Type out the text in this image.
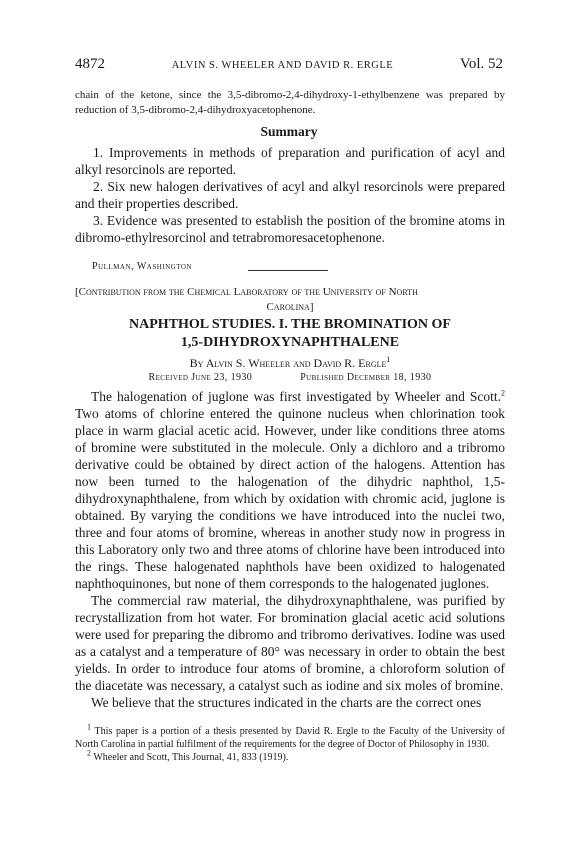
4872	ALVIN S. WHEELER AND DAVID R. ERGLE	Vol. 52
chain of the ketone, since the 3,5-dibromo-2,4-dihydroxy-1-ethylbenzene was prepared by reduction of 3,5-dibromo-2,4-dihydroxyacetophenone.
Summary

1. Improvements in methods of preparation and purification of acyl and alkyl resorcinols are reported.

2. Six new halogen derivatives of acyl and alkyl resorcinols were prepared and their properties described.

3. Evidence was presented to establish the position of the bromine atoms in dibromo-ethylresorcinol and tetrabromoresacetophenone.

Pullman, Washington
[Contribution from the Chemical Laboratory of the University of North
Carolina]
NAPHTHOL STUDIES. I. THE BROMINATION OF
1,5-DIHYDROXYNAPHTHALENE
By Alvin S. Wheeler and David R. Ergle$^1$
Received June 23, 1930	Published December 18, 1930

The halogenation of juglone was first investigated by Wheeler and Scott.$^2$ Two atoms of chlorine entered the quinone nucleus when chlorination took place in warm glacial acetic acid. However, under like conditions three atoms of bromine were substituted in the molecule. Only a dichloro and a tribromo derivative could be obtained by direct action of the halogens. Attention has now been turned to the halogenation of the dihydric naphthol, 1,5-dihydroxynaphthalene, from which by oxidation with chromic acid, juglone is obtained. By varying the conditions we have introduced into the nuclei two, three and four atoms of bromine, whereas in another study now in progress in this Laboratory only two and three atoms of chlorine have been introduced into the rings. These halogenated naphthols have been oxidized to halogenated naphthoquinones, but none of them corresponds to the halogenated juglones.

The commercial raw material, the dihydroxynaphthalene, was purified by recrystallization from hot water. For bromination glacial acetic acid solutions were used for preparing the dibromo and tribromo derivatives. Iodine was used as a catalyst and a temperature of 80° was necessary in order to obtain the best yields. In order to introduce four atoms of bromine, a chloroform solution of the diacetate was necessary, a catalyst such as iodine and six moles of bromine.

We believe that the structures indicated in the charts are the correct ones

$^1$ This paper is a portion of a thesis presented by David R. Ergle to the Faculty of the University of North Carolina in partial fulfilment of the requirements for the degree of Doctor of Philosophy in 1930.

$^2$ Wheeler and Scott, This Journal, 41, 833 (1919).
